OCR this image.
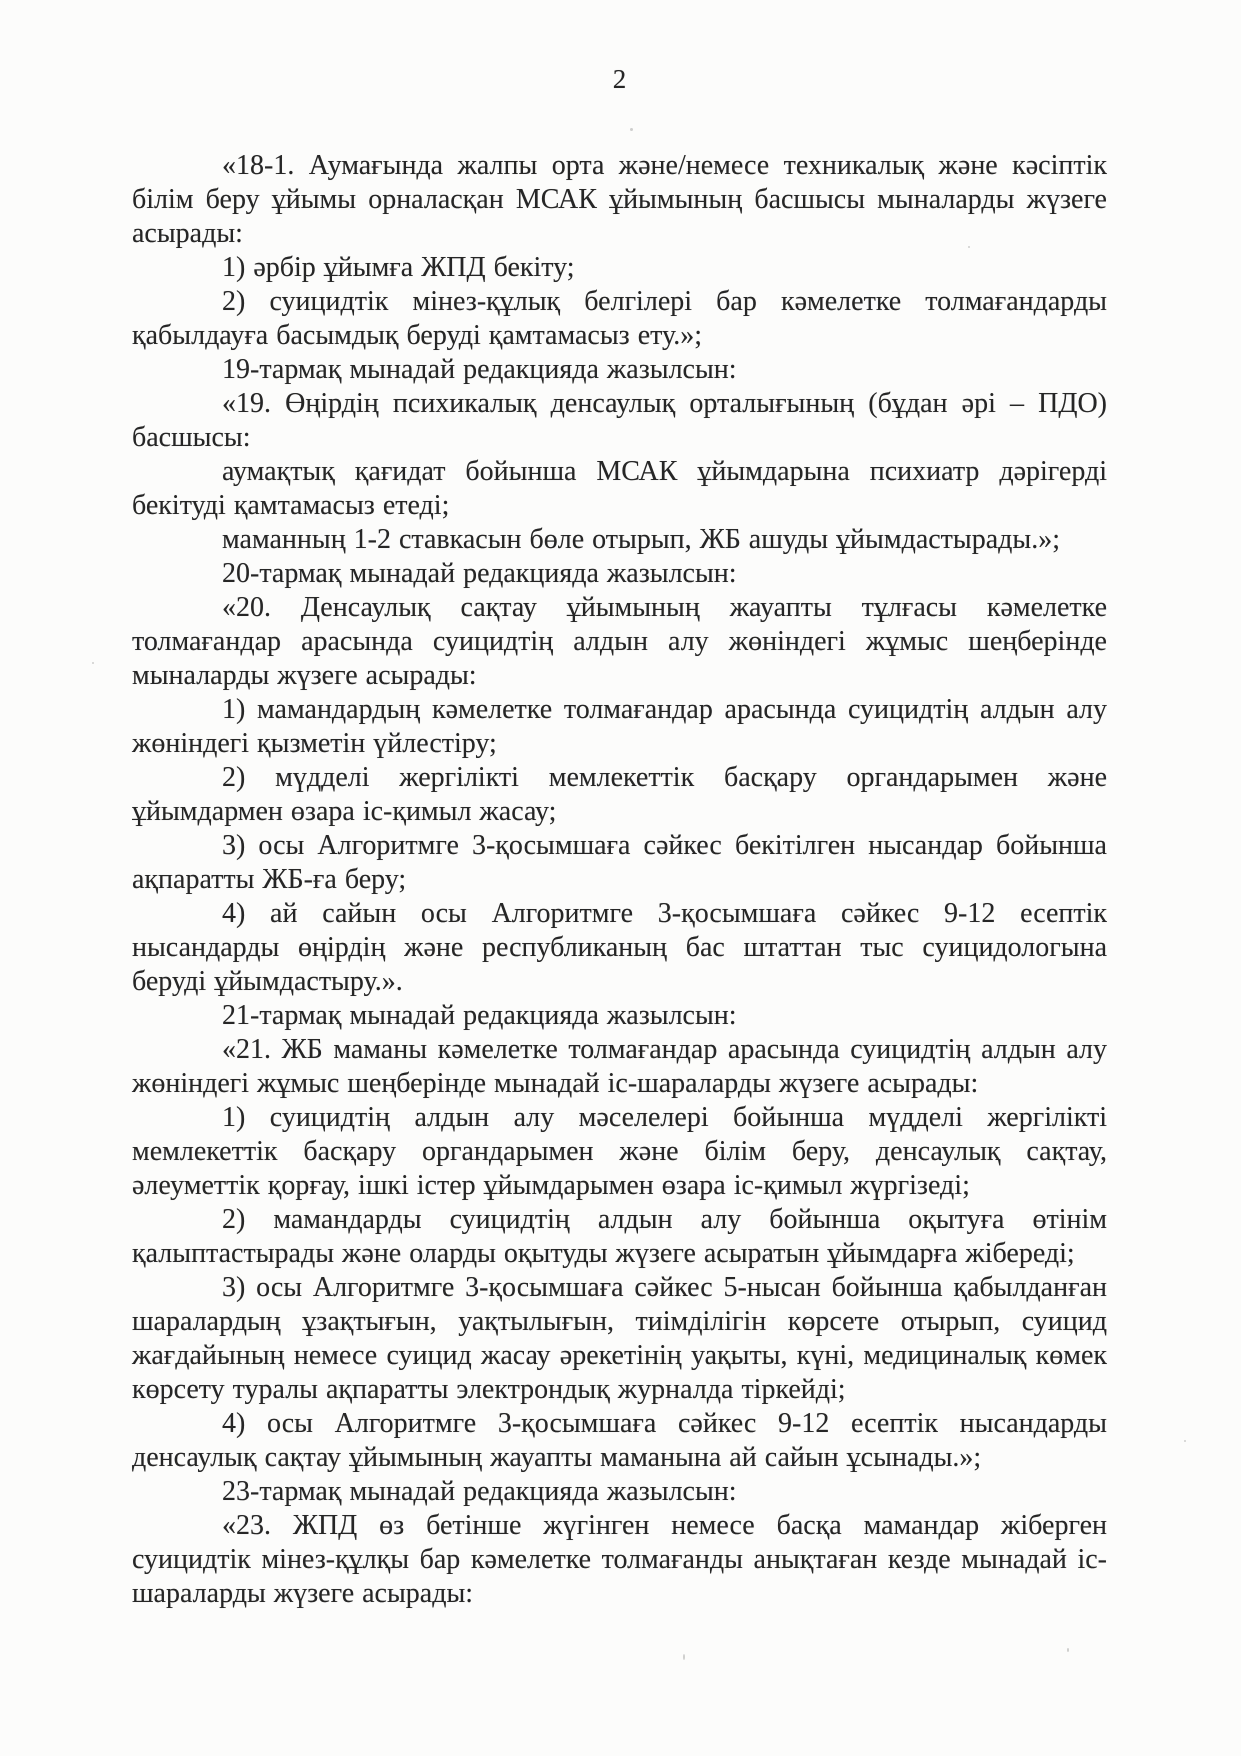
2

«18-1. Аумағында жалпы орта және/немесе техникалық және кәсіптік білім беру ұйымы орналасқан МСАК ұйымының басшысы мыналарды жүзеге асырады:

1) әрбір ұйымға ЖПД бекіту;

2) суицидтік мінез-құлық белгілері бар кәмелетке толмағандарды қабылдауға басымдық беруді қамтамасыз ету.»;

19-тармақ мынадай редакцияда жазылсын:

«19. Өңірдің психикалық денсаулық орталығының (бұдан әрі – ПДО) басшысы:

аумақтық қағидат бойынша МСАК ұйымдарына психиатр дәрігерді бекітуді қамтамасыз етеді;

маманның 1-2 ставкасын бөле отырып, ЖБ ашуды ұйымдастырады.»;

20-тармақ мынадай редакцияда жазылсын:

«20. Денсаулық сақтау ұйымының жауапты тұлғасы кәмелетке толмағандар арасында суицидтің алдын алу жөніндегі жұмыс шеңберінде мыналарды жүзеге асырады:

1) мамандардың кәмелетке толмағандар арасында суицидтің алдын алу жөніндегі қызметін үйлестіру;

2) мүдделі жергілікті мемлекеттік басқару органдарымен және ұйымдармен өзара іс-қимыл жасау;

3) осы Алгоритмге 3-қосымшаға сәйкес бекітілген нысандар бойынша ақпаратты ЖБ-ға беру;

4) ай сайын осы Алгоритмге 3-қосымшаға сәйкес 9-12 есептік нысандарды өңірдің және республиканың бас штаттан тыс суицидологына беруді ұйымдастыру.».

21-тармақ мынадай редакцияда жазылсын:

«21. ЖБ маманы кәмелетке толмағандар арасында суицидтің алдын алу жөніндегі жұмыс шеңберінде мынадай іс-шараларды жүзеге асырады:

1) суицидтің алдын алу мәселелері бойынша мүдделі жергілікті мемлекеттік басқару органдарымен және білім беру, денсаулық сақтау, әлеуметтік қорғау, ішкі істер ұйымдарымен өзара іс-қимыл жүргізеді;

2) мамандарды суицидтің алдын алу бойынша оқытуға өтінім қалыптастырады және оларды оқытуды жүзеге асыратын ұйымдарға жібереді;

3) осы Алгоритмге 3-қосымшаға сәйкес 5-нысан бойынша қабылданған шаралардың ұзақтығын, уақтылығын, тиімділігін көрсете отырып, суицид жағдайының немесе суицид жасау әрекетінің уақыты, күні, медициналық көмек көрсету туралы ақпаратты электрондық журналда тіркейді;

4) осы Алгоритмге 3-қосымшаға сәйкес 9-12 есептік нысандарды денсаулық сақтау ұйымының жауапты маманына ай сайын ұсынады.»;

23-тармақ мынадай редакцияда жазылсын:

«23. ЖПД өз бетінше жүгінген немесе басқа мамандар жіберген суицидтік мінез-құлқы бар кәмелетке толмағанды анықтаған кезде мынадай іс-шараларды жүзеге асырады:
